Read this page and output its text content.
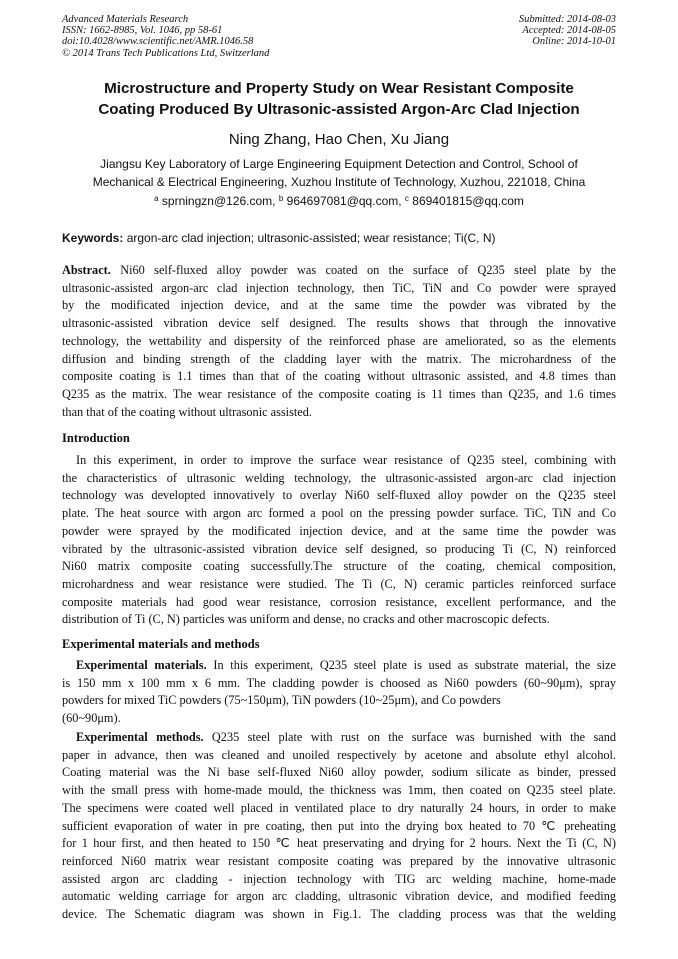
Advanced Materials Research
ISSN: 1662-8985, Vol. 1046, pp 58-61
doi:10.4028/www.scientific.net/AMR.1046.58
© 2014 Trans Tech Publications Ltd, Switzerland
Submitted: 2014-08-03
Accepted: 2014-08-05
Online: 2014-10-01
Microstructure and Property Study on Wear Resistant Composite
Coating Produced By Ultrasonic-assisted Argon-Arc Clad Injection
Ning Zhang, Hao Chen, Xu Jiang
Jiangsu Key Laboratory of Large Engineering Equipment Detection and Control, School of
Mechanical & Electrical Engineering, Xuzhou Institute of Technology, Xuzhou, 221018, China
$^a$ sprningzn@126.com, $^b$ 964697081@qq.com, $^c$ 869401815@qq.com
Keywords: argon-arc clad injection; ultrasonic-assisted; wear resistance; Ti(C, N)
Abstract. Ni60 self-fluxed alloy powder was coated on the surface of Q235 steel plate by the
ultrasonic-assisted argon-arc clad injection technology, then TiC, TiN and Co powder were sprayed
by the modificated injection device, and at the same time the powder was vibrated by the
ultrasonic-assisted vibration device self designed. The results shows that through the innovative
technology, the wettability and dispersity of the reinforced phase are ameliorated, so as the elements
diffusion and binding strength of the cladding layer with the matrix. The microhardness of the
composite coating is 1.1 times than that of the coating without ultrasonic assisted, and 4.8 times than
Q235 as the matrix. The wear resistance of the composite coating is 11 times than Q235, and 1.6 times
than that of the coating without ultrasonic assisted.
Introduction
In this experiment, in order to improve the surface wear resistance of Q235 steel, combining with
the characteristics of ultrasonic welding technology, the ultrasonic-assisted argon-arc clad injection
technology was developted innovatively to overlay Ni60 self-fluxed alloy powder on the Q235 steel
plate. The heat source with argon arc formed a pool on the pressing powder surface. TiC, TiN and Co
powder were sprayed by the modificated injection device, and at the same time the powder was
vibrated by the ultrasonic-assisted vibration device self designed, so producing Ti (C, N) reinforced
Ni60 matrix composite coating successfully.The structure of the coating, chemical composition,
microhardness and wear resistance were studied. The Ti (C, N) ceramic particles reinforced surface
composite materials had good wear resistance, corrosion resistance, excellent performance, and the
distribution of Ti (C, N) particles was uniform and dense, no cracks and other macroscopic defects.
Experimental materials and methods
Experimental materials. In this experiment, Q235 steel plate is used as substrate material, the size
is 150 mm x 100 mm x 6 mm. The cladding powder is choosed as Ni60 powders (60~90μm), spray
powders for mixed TiC powders (75~150μm), TiN powders (10~25μm), and Co powders
(60~90μm).
Experimental methods. Q235 steel plate with rust on the surface was burnished with the sand
paper in advance, then was cleaned and unoiled respectively by acetone and absolute ethyl alcohol.
Coating material was the Ni base self-fluxed Ni60 alloy powder, sodium silicate as binder, pressed
with the small press with home-made mould, the thickness was 1mm, then coated on Q235 steel plate.
The specimens were coated well placed in ventilated place to dry naturally 24 hours, in order to make
sufficient evaporation of water in pre coating, then put into the drying box heated to 70 ℃ preheating
for 1 hour first, and then heated to 150 ℃ heat preservating and drying for 2 hours. Next the Ti (C, N)
reinforced Ni60 matrix wear resistant composite coating was prepared by the innovative ultrasonic
assisted argon arc cladding - injection technology with TIG arc welding machine, home-made
automatic welding carriage for argon arc cladding, ultrasonic vibration device, and modified feeding
device. The Schematic diagram was shown in Fig.1. The cladding process was that the welding
